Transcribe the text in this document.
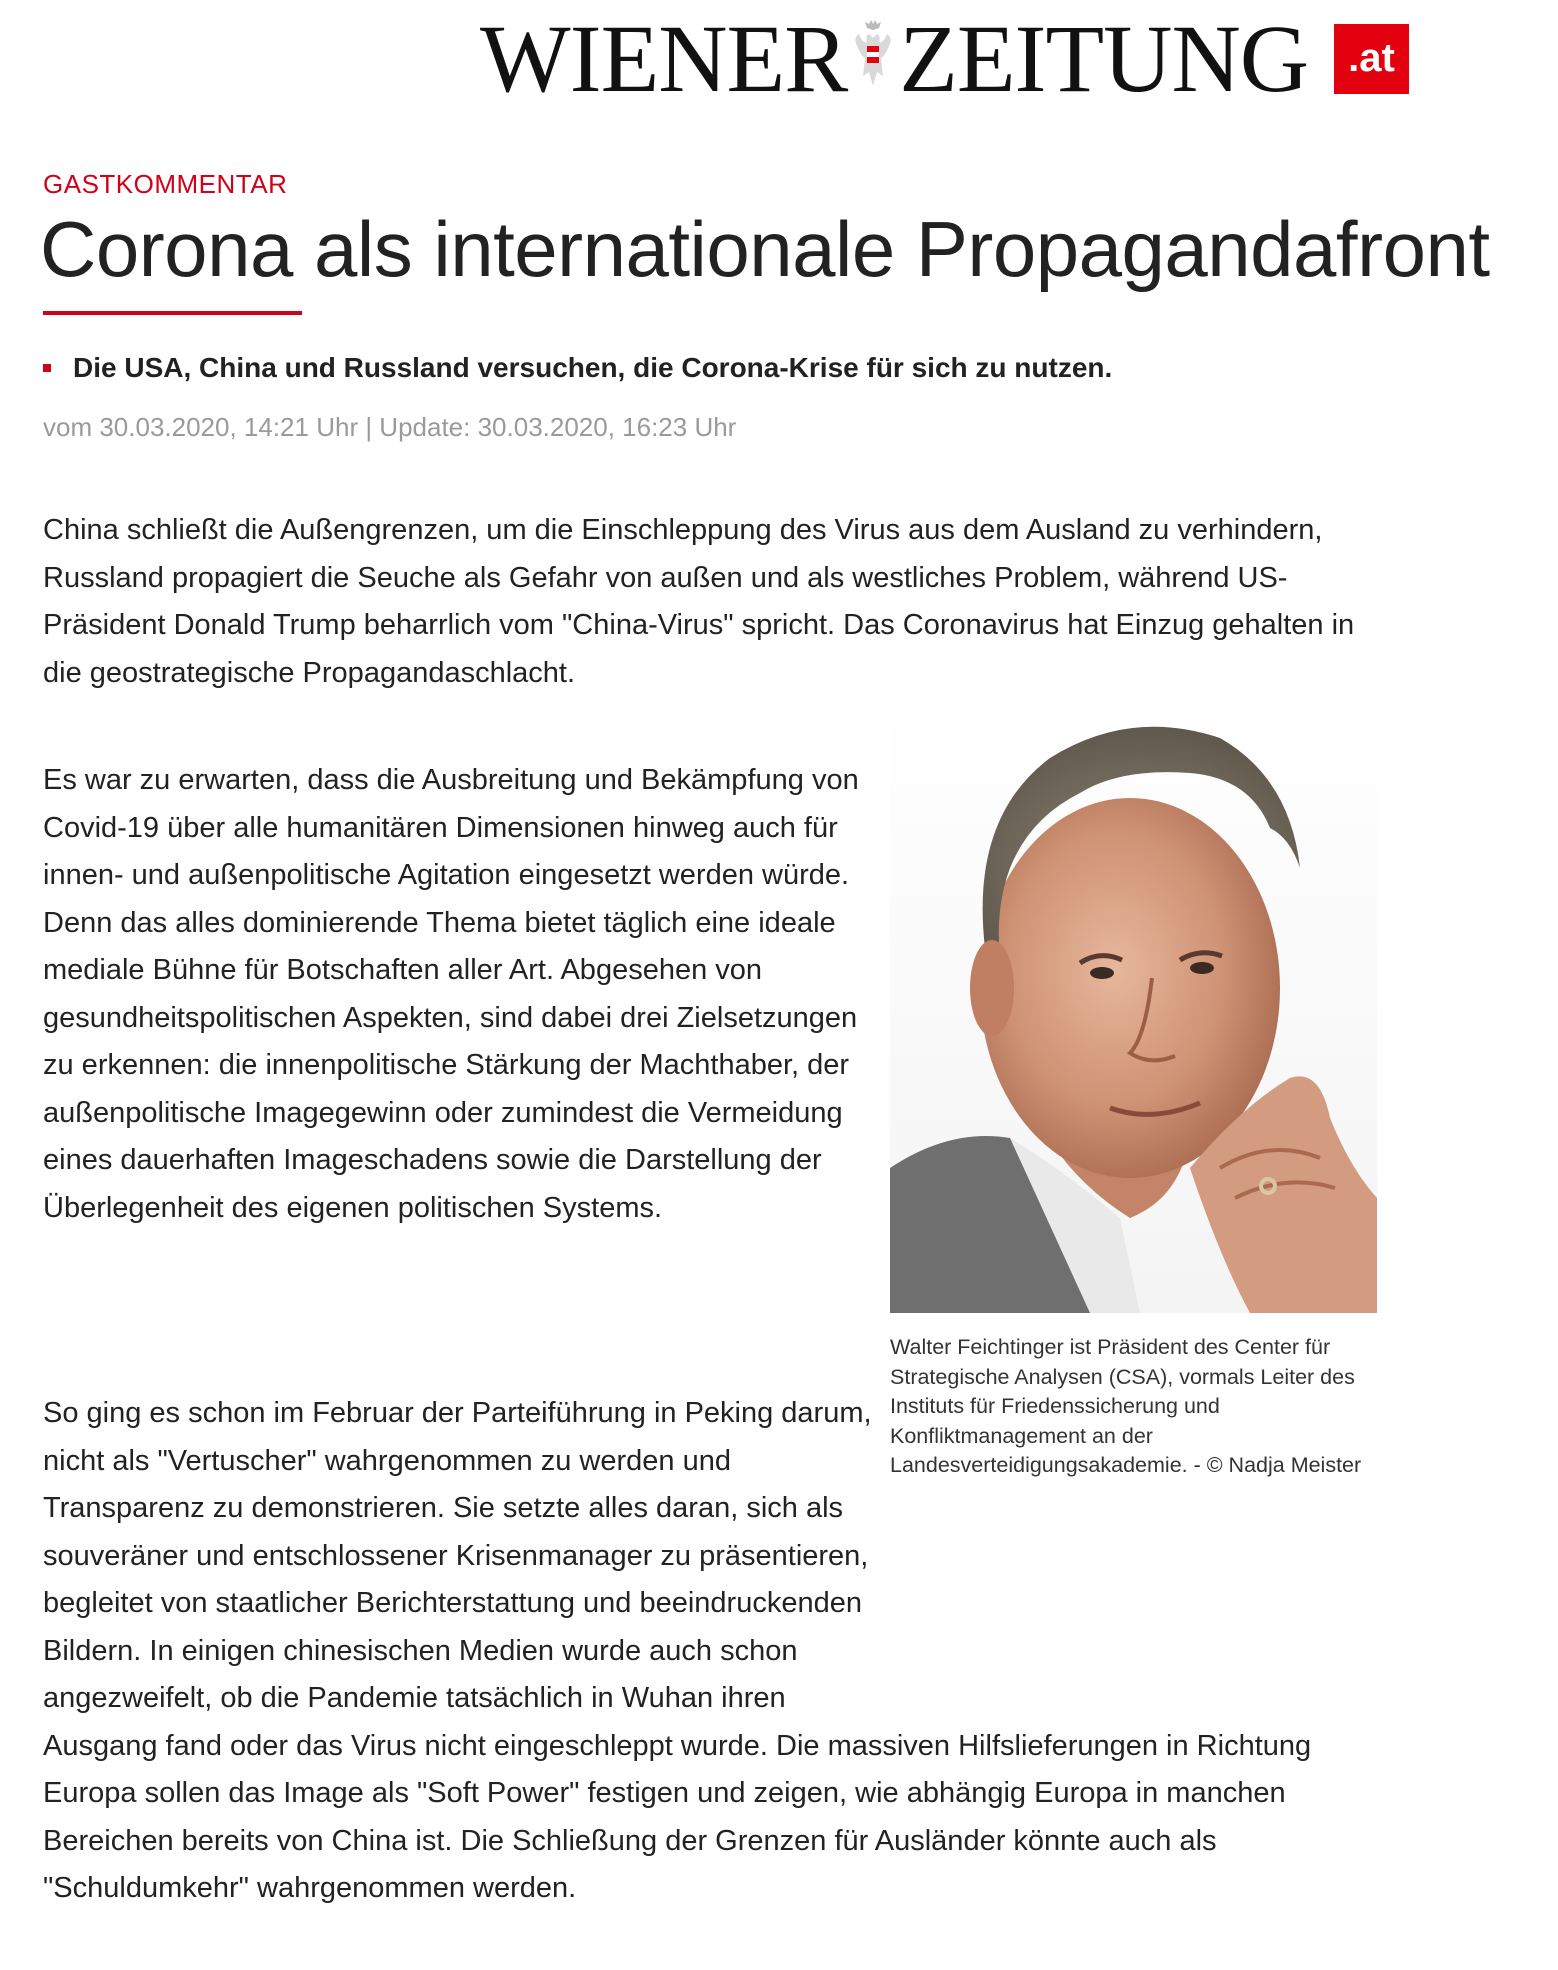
WIENER ZEITUNG	.at
GASTKOMMENTAR
Corona als internationale Propagandafront
Die USA, China und Russland versuchen, die Corona-Krise für sich zu nutzen.
vom 30.03.2020, 14:21 Uhr | Update: 30.03.2020, 16:23 Uhr

China schließt die Außengrenzen, um die Einschleppung des Virus aus dem Ausland zu verhindern, Russland propagiert die Seuche als Gefahr von außen und als westliches Problem, während US-Präsident Donald Trump beharrlich vom "China-Virus" spricht. Das Coronavirus hat Einzug gehalten in die geostrategische Propagandaschlacht.

Es war zu erwarten, dass die Ausbreitung und Bekämpfung von Covid-19 über alle humanitären Dimensionen hinweg auch für innen- und außenpolitische Agitation eingesetzt werden würde. Denn das alles dominierende Thema bietet täglich eine ideale mediale Bühne für Botschaften aller Art. Abgesehen von gesundheitspolitischen Aspekten, sind dabei drei Zielsetzungen zu erkennen: die innenpolitische Stärkung der Machthaber, der außenpolitische Imagegewinn oder zumindest die Vermeidung eines dauerhaften Imageschadens sowie die Darstellung der Überlegenheit des eigenen politischen Systems.

So ging es schon im Februar der Parteiführung in Peking darum, nicht als "Vertuscher" wahrgenommen zu werden und Transparenz zu demonstrieren. Sie setzte alles daran, sich als souveräner und entschlossener Krisenmanager zu präsentieren, begleitet von staatlicher Berichterstattung und beeindruckenden Bildern. In einigen chinesischen Medien wurde auch schon angezweifelt, ob die Pandemie tatsächlich in Wuhan ihren Ausgang fand oder das Virus nicht eingeschleppt wurde. Die massiven Hilfslieferungen in Richtung Europa sollen das Image als "Soft Power" festigen und zeigen, wie abhängig Europa in manchen Bereichen bereits von China ist. Die Schließung der Grenzen für Ausländer könnte auch als "Schuldumkehr" wahrgenommen werden.

Walter Feichtinger ist Präsident des Center für Strategische Analysen (CSA), vormals Leiter des Instituts für Friedenssicherung und Konfliktmanagement an der Landesverteidigungsakademie. - © Nadja Meister
